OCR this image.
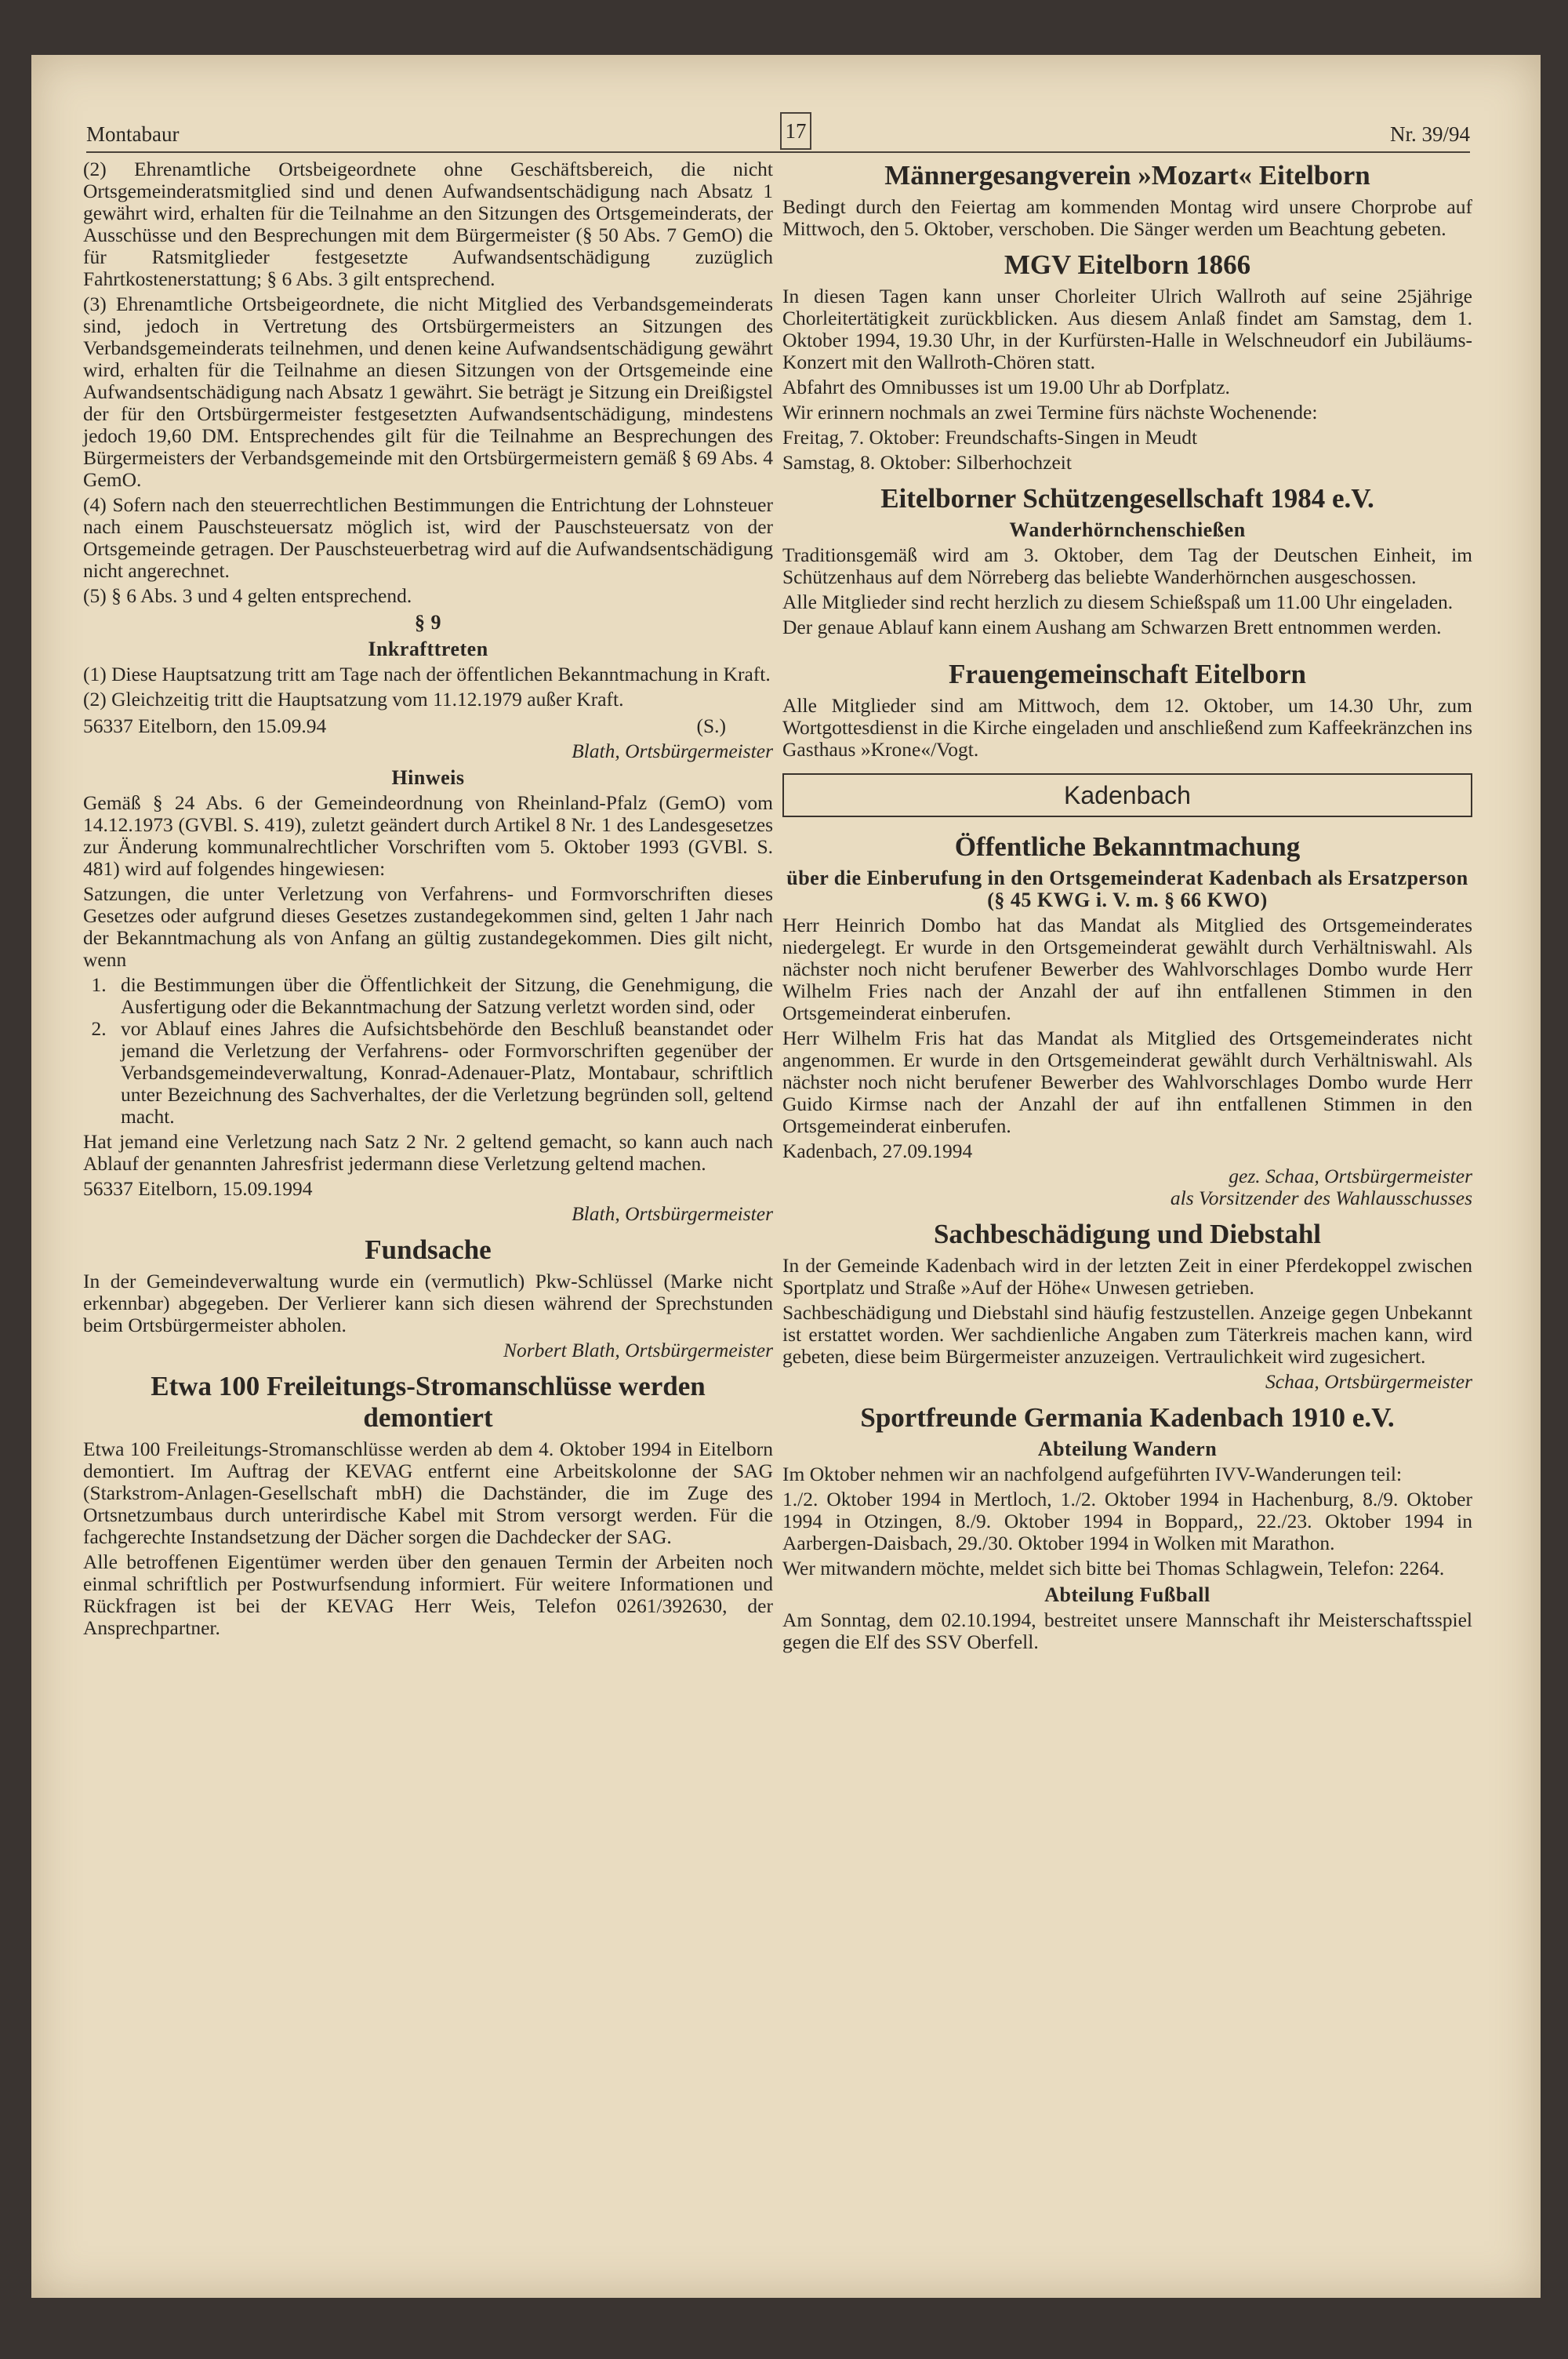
Montabaur	17	Nr. 39/94

(2) Ehrenamtliche Ortsbeigeordnete ohne Geschäftsbereich, die nicht Ortsgemeinderatsmitglied sind und denen Aufwandsentschädigung nach Absatz 1 gewährt wird, erhalten für die Teilnahme an den Sitzungen des Ortsgemeinderats, der Ausschüsse und den Besprechungen mit dem Bürgermeister (§ 50 Abs. 7 GemO) die für Ratsmitglieder festgesetzte Aufwandsentschädigung zuzüglich Fahrtkostenerstattung; § 6 Abs. 3 gilt entsprechend.

(3) Ehrenamtliche Ortsbeigeordnete, die nicht Mitglied des Verbandsgemeinderats sind, jedoch in Vertretung des Ortsbürgermeisters an Sitzungen des Verbandsgemeinderats teilnehmen, und denen keine Aufwandsentschädigung gewährt wird, erhalten für die Teilnahme an diesen Sitzungen von der Ortsgemeinde eine Aufwandsentschädigung nach Absatz 1 gewährt. Sie beträgt je Sitzung ein Dreißigstel der für den Ortsbürgermeister festgesetzten Aufwandsentschädigung, mindestens jedoch 19,60 DM. Entsprechendes gilt für die Teilnahme an Besprechungen des Bürgermeisters der Verbandsgemeinde mit den Ortsbürgermeistern gemäß § 69 Abs. 4 GemO.

(4) Sofern nach den steuerrechtlichen Bestimmungen die Entrichtung der Lohnsteuer nach einem Pauschsteuersatz möglich ist, wird der Pauschsteuersatz von der Ortsgemeinde getragen. Der Pauschsteuerbetrag wird auf die Aufwandsentschädigung nicht angerechnet.

(5) § 6 Abs. 3 und 4 gelten entsprechend.

§ 9
Inkrafttreten

(1) Diese Hauptsatzung tritt am Tage nach der öffentlichen Bekanntmachung in Kraft.

(2) Gleichzeitig tritt die Hauptsatzung vom 11.12.1979 außer Kraft.

56337 Eitelborn, den 15.09.94	(S.)
Blath, Ortsbürgermeister
Hinweis

Gemäß § 24 Abs. 6 der Gemeindeordnung von Rheinland-Pfalz (GemO) vom 14.12.1973 (GVBl. S. 419), zuletzt geändert durch Artikel 8 Nr. 1 des Landesgesetzes zur Änderung kommunalrechtlicher Vorschriften vom 5. Oktober 1993 (GVBl. S. 481) wird auf folgendes hingewiesen:

Satzungen, die unter Verletzung von Verfahrens- und Formvorschriften dieses Gesetzes oder aufgrund dieses Gesetzes zustandegekommen sind, gelten 1 Jahr nach der Bekanntmachung als von Anfang an gültig zustandegekommen. Dies gilt nicht, wenn

1. die Bestimmungen über die Öffentlichkeit der Sitzung, die Genehmigung, die Ausfertigung oder die Bekanntmachung der Satzung verletzt worden sind, oder
2. vor Ablauf eines Jahres die Aufsichtsbehörde den Beschluß beanstandet oder jemand die Verletzung der Verfahrens- oder Formvorschriften gegenüber der Verbandsgemeindeverwaltung, Konrad-Adenauer-Platz, Montabaur, schriftlich unter Bezeichnung des Sachverhaltes, der die Verletzung begründen soll, geltend macht.

Hat jemand eine Verletzung nach Satz 2 Nr. 2 geltend gemacht, so kann auch nach Ablauf der genannten Jahresfrist jedermann diese Verletzung geltend machen.

56337 Eitelborn, 15.09.1994

Blath, Ortsbürgermeister
Fundsache

In der Gemeindeverwaltung wurde ein (vermutlich) Pkw-Schlüssel (Marke nicht erkennbar) abgegeben. Der Verlierer kann sich diesen während der Sprechstunden beim Ortsbürgermeister abholen.

Norbert Blath, Ortsbürgermeister
Etwa 100 Freileitungs-Stromanschlüsse werden demontiert

Etwa 100 Freileitungs-Stromanschlüsse werden ab dem 4. Oktober 1994 in Eitelborn demontiert. Im Auftrag der KEVAG entfernt eine Arbeitskolonne der SAG (Starkstrom-Anlagen-Gesellschaft mbH) die Dachständer, die im Zuge des Ortsnetzumbaus durch unterirdische Kabel mit Strom versorgt werden. Für die fachgerechte Instandsetzung der Dächer sorgen die Dachdecker der SAG.

Alle betroffenen Eigentümer werden über den genauen Termin der Arbeiten noch einmal schriftlich per Postwurfsendung informiert. Für weitere Informationen und Rückfragen ist bei der KEVAG Herr Weis, Telefon 0261/392630, der Ansprechpartner.

Männergesangverein »Mozart« Eitelborn

Bedingt durch den Feiertag am kommenden Montag wird unsere Chorprobe auf Mittwoch, den 5. Oktober, verschoben. Die Sänger werden um Beachtung gebeten.

MGV Eitelborn 1866

In diesen Tagen kann unser Chorleiter Ulrich Wallroth auf seine 25jährige Chorleitertätigkeit zurückblicken. Aus diesem Anlaß findet am Samstag, dem 1. Oktober 1994, 19.30 Uhr, in der Kurfürsten-Halle in Welschneudorf ein Jubiläums-Konzert mit den Wallroth-Chören statt.

Abfahrt des Omnibusses ist um 19.00 Uhr ab Dorfplatz.

Wir erinnern nochmals an zwei Termine fürs nächste Wochenende:

Freitag, 7. Oktober: Freundschafts-Singen in Meudt

Samstag, 8. Oktober: Silberhochzeit

Eitelborner Schützengesellschaft 1984 e.V.
Wanderhörnchenschießen

Traditionsgemäß wird am 3. Oktober, dem Tag der Deutschen Einheit, im Schützenhaus auf dem Nörreberg das beliebte Wanderhörnchen ausgeschossen.

Alle Mitglieder sind recht herzlich zu diesem Schießspaß um 11.00 Uhr eingeladen.

Der genaue Ablauf kann einem Aushang am Schwarzen Brett entnommen werden.

Frauengemeinschaft Eitelborn

Alle Mitglieder sind am Mittwoch, dem 12. Oktober, um 14.30 Uhr, zum Wortgottesdienst in die Kirche eingeladen und anschließend zum Kaffeekränzchen ins Gasthaus »Krone«/Vogt.

Kadenbach
Öffentliche Bekanntmachung
über die Einberufung in den Ortsgemeinderat Kadenbach als Ersatzperson (§ 45 KWG i. V. m. § 66 KWO)

Herr Heinrich Dombo hat das Mandat als Mitglied des Ortsgemeinderates niedergelegt. Er wurde in den Ortsgemeinderat gewählt durch Verhältniswahl. Als nächster noch nicht berufener Bewerber des Wahlvorschlages Dombo wurde Herr Wilhelm Fries nach der Anzahl der auf ihn entfallenen Stimmen in den Ortsgemeinderat einberufen.

Herr Wilhelm Fris hat das Mandat als Mitglied des Ortsgemeinderates nicht angenommen. Er wurde in den Ortsgemeinderat gewählt durch Verhältniswahl. Als nächster noch nicht berufener Bewerber des Wahlvorschlages Dombo wurde Herr Guido Kirmse nach der Anzahl der auf ihn entfallenen Stimmen in den Ortsgemeinderat einberufen.

Kadenbach, 27.09.1994

gez. Schaa, Ortsbürgermeister
als Vorsitzender des Wahlausschusses
Sachbeschädigung und Diebstahl

In der Gemeinde Kadenbach wird in der letzten Zeit in einer Pferdekoppel zwischen Sportplatz und Straße »Auf der Höhe« Unwesen getrieben.

Sachbeschädigung und Diebstahl sind häufig festzustellen. Anzeige gegen Unbekannt ist erstattet worden. Wer sachdienliche Angaben zum Täterkreis machen kann, wird gebeten, diese beim Bürgermeister anzuzeigen. Vertraulichkeit wird zugesichert.

Schaa, Ortsbürgermeister
Sportfreunde Germania Kadenbach 1910 e.V.
Abteilung Wandern

Im Oktober nehmen wir an nachfolgend aufgeführten IVV-Wanderungen teil:

1./2. Oktober 1994 in Mertloch, 1./2. Oktober 1994 in Hachenburg, 8./9. Oktober 1994 in Otzingen, 8./9. Oktober 1994 in Boppard,, 22./23. Oktober 1994 in Aarbergen-Daisbach, 29./30. Oktober 1994 in Wolken mit Marathon.

Wer mitwandern möchte, meldet sich bitte bei Thomas Schlagwein, Telefon: 2264.

Abteilung Fußball

Am Sonntag, dem 02.10.1994, bestreitet unsere Mannschaft ihr Meisterschaftsspiel gegen die Elf des SSV Oberfell.
